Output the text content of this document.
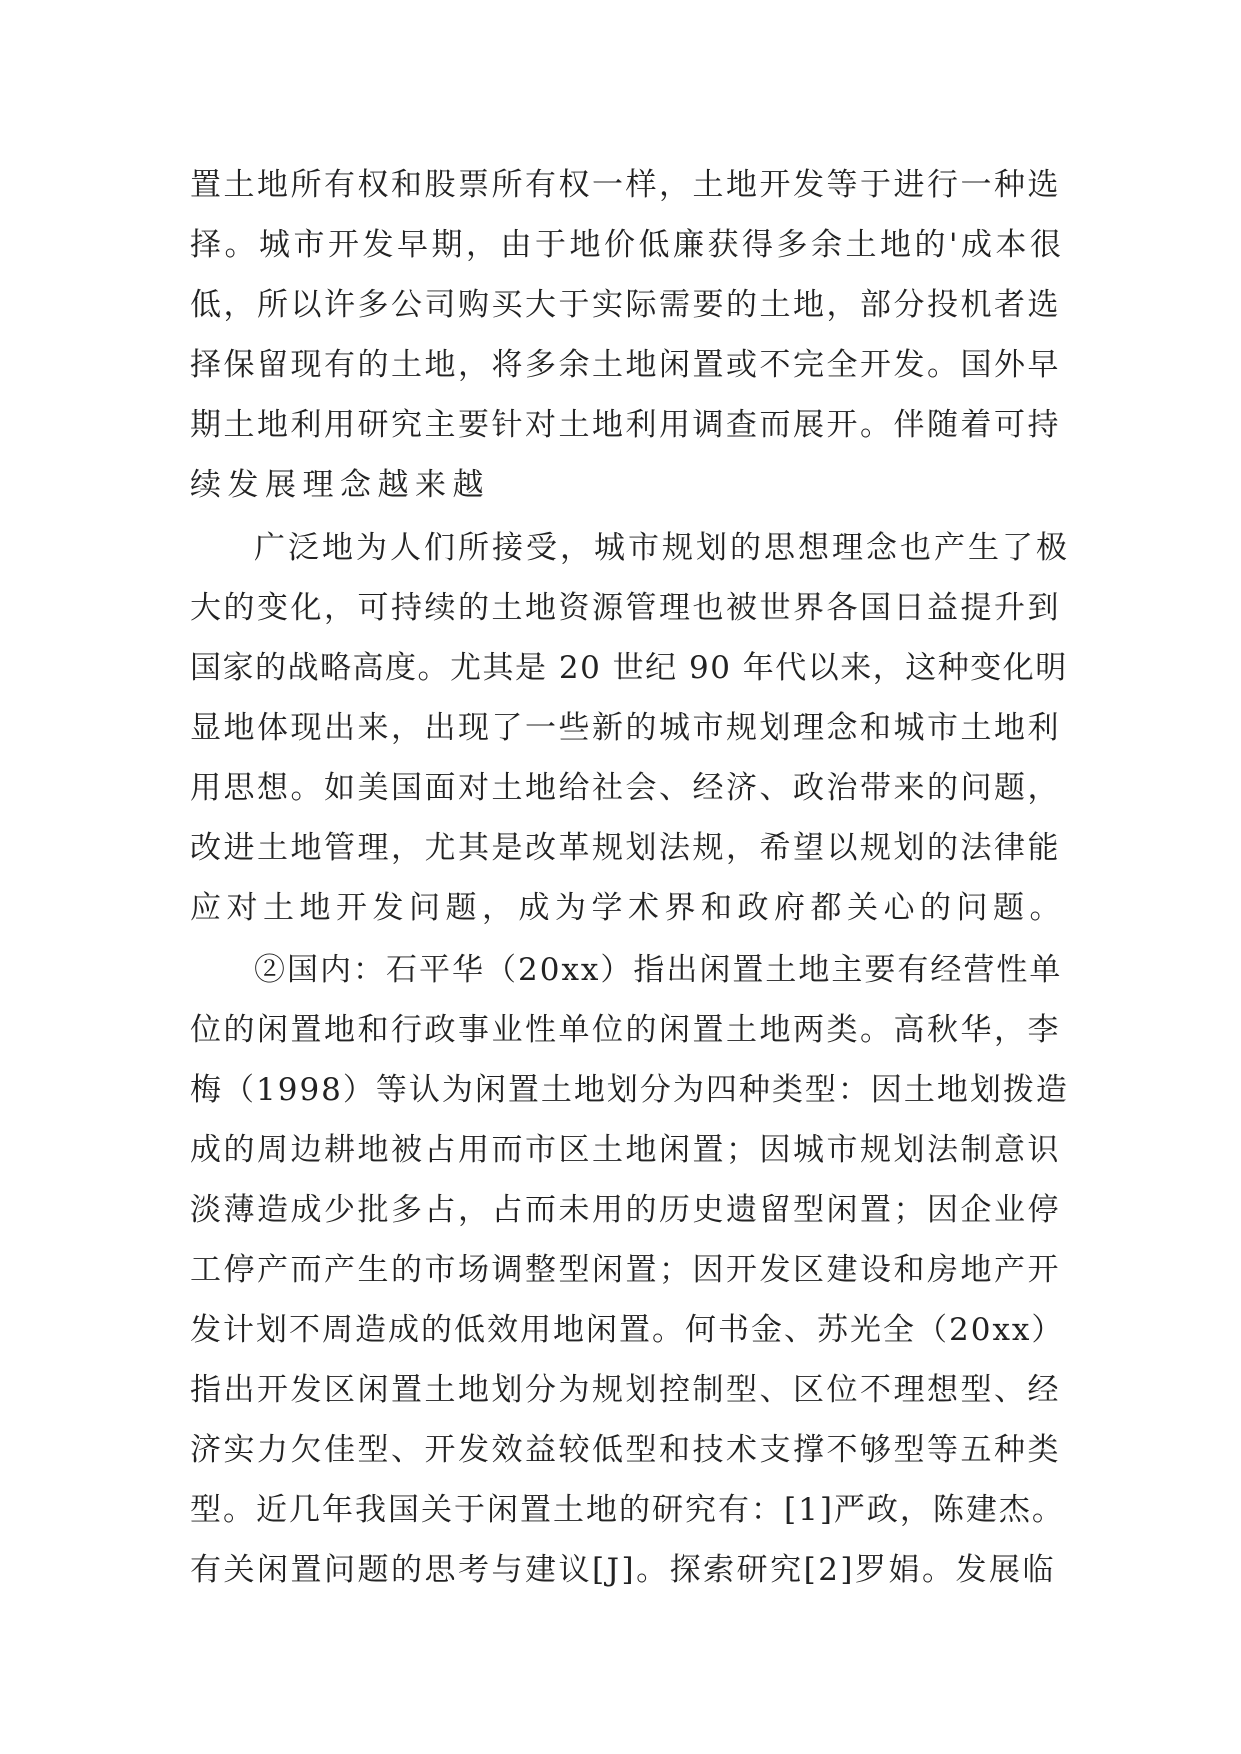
置土地所有权和股票所有权一样，土地开发等于进行一种选
择。城市开发早期，由于地价低廉获得多余土地的'成本很
低，所以许多公司购买大于实际需要的土地，部分投机者选
择保留现有的土地，将多余土地闲置或不完全开发。国外早
期土地利用研究主要针对土地利用调查而展开。伴随着可持
续发展理念越来越
广泛地为人们所接受，城市规划的思想理念也产生了极
大的变化，可持续的土地资源管理也被世界各国日益提升到
国家的战略高度。尤其是 20 世纪 90 年代以来，这种变化明
显地体现出来，出现了一些新的城市规划理念和城市土地利
用思想。如美国面对土地给社会、经济、政治带来的问题，
改进土地管理，尤其是改革规划法规，希望以规划的法律能
应对土地开发问题，成为学术界和政府都关心的问题。
②国内：石平华（20xx）指出闲置土地主要有经营性单
位的闲置地和行政事业性单位的闲置土地两类。高秋华，李
梅（1998）等认为闲置土地划分为四种类型：因土地划拨造
成的周边耕地被占用而市区土地闲置；因城市规划法制意识
淡薄造成少批多占，占而未用的历史遗留型闲置；因企业停
工停产而产生的市场调整型闲置；因开发区建设和房地产开
发计划不周造成的低效用地闲置。何书金、苏光全（20xx）
指出开发区闲置土地划分为规划控制型、区位不理想型、经
济实力欠佳型、开发效益较低型和技术支撑不够型等五种类
型。近几年我国关于闲置土地的研究有：[1]严政，陈建杰。
有关闲置问题的思考与建议[J]。探索研究[2]罗娟。发展临
